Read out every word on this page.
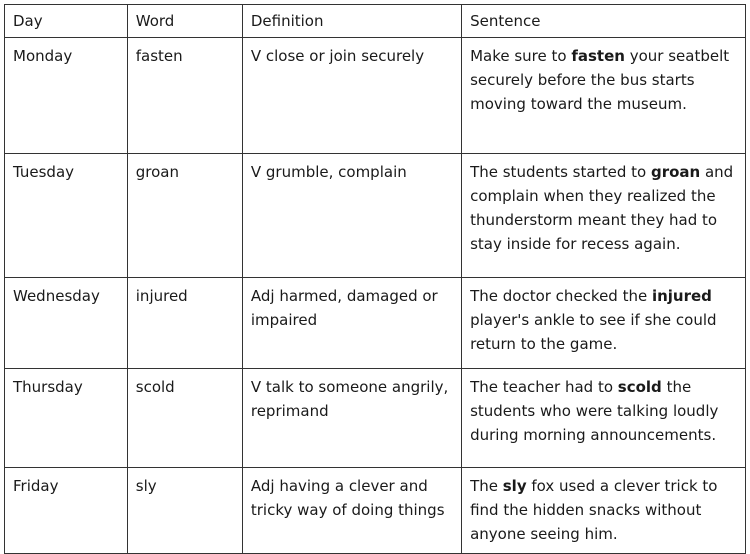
Day	Word	Definition	Sentence
Monday	fasten	V close or join securely	Make sure to fasten your seatbelt securely before the bus starts moving toward the museum.
Tuesday	groan	V grumble, complain	The students started to groan and complain when they realized the thunderstorm meant they had to stay inside for recess again.
Wednesday	injured	Adj harmed, damaged or impaired	The doctor checked the injured player's ankle to see if she could return to the game.
Thursday	scold	V talk to someone angrily, reprimand	The teacher had to scold the students who were talking loudly during morning announcements.
Friday	sly	Adj having a clever and tricky way of doing things	The sly fox used a clever trick to find the hidden snacks without anyone seeing him.
